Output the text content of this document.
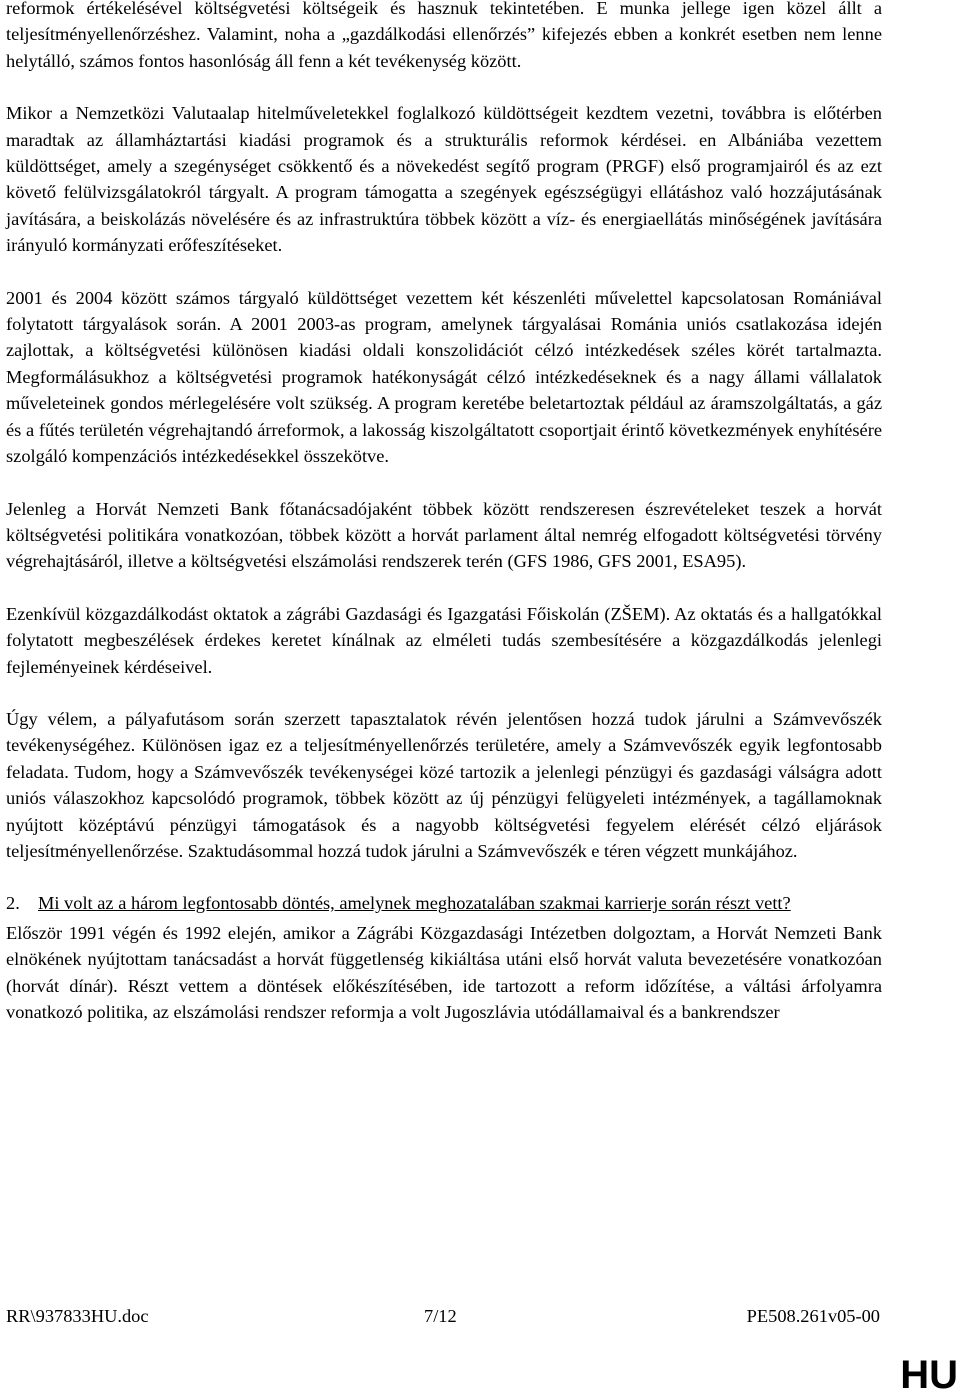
reformok értékelésével költségvetési költségeik és hasznuk tekintetében. E munka jellege igen közel állt a teljesítményellenőrzéshez. Valamint, noha a „gazdálkodási ellenőrzés” kifejezés ebben a konkrét esetben nem lenne helytálló, számos fontos hasonlóság áll fenn a két tevékenység között.

Mikor a Nemzetközi Valutaalap hitelműveletekkel foglalkozó küldöttségeit kezdtem vezetni, továbbra is előtérben maradtak az államháztartási kiadási programok és a strukturális reformok kérdései. en Albániába vezettem küldöttséget, amely a szegénységet csökkentő és a növekedést segítő program (PRGF) első programjairól és az ezt követő felülvizsgálatokról tárgyalt. A program támogatta a szegények egészségügyi ellátáshoz való hozzájutásának javítására, a beiskolázás növelésére és az infrastruktúra többek között a víz- és energiaellátás minőségének javítására irányuló kormányzati erőfeszítéseket.

2001 és 2004 között számos tárgyaló küldöttséget vezettem két készenléti művelettel kapcsolatosan Romániával folytatott tárgyalások során. A 2001 2003-as program, amelynek tárgyalásai Románia uniós csatlakozása idején zajlottak, a költségvetési különösen kiadási oldali konszolidációt célzó intézkedések széles körét tartalmazta. Megformálásukhoz a költségvetési programok hatékonyságát célzó intézkedéseknek és a nagy állami vállalatok műveleteinek gondos mérlegelésére volt szükség. A program keretébe beletartoztak például az áramszolgáltatás, a gáz és a fűtés területén végrehajtandó árreformok, a lakosság kiszolgáltatott csoportjait érintő következmények enyhítésére szolgáló kompenzációs intézkedésekkel összekötve.

Jelenleg a Horvát Nemzeti Bank főtanácsadójaként többek között rendszeresen észrevételeket teszek a horvát költségvetési politikára vonatkozóan, többek között a horvát parlament által nemrég elfogadott költségvetési törvény végrehajtásáról, illetve a költségvetési elszámolási rendszerek terén (GFS 1986, GFS 2001, ESA95).

Ezenkívül közgazdálkodást oktatok a zágrábi Gazdasági és Igazgatási Főiskolán (ZŠEM). Az oktatás és a hallgatókkal folytatott megbeszélések érdekes keretet kínálnak az elméleti tudás szembesítésére a közgazdálkodás jelenlegi fejleményeinek kérdéseivel.

Úgy vélem, a pályafutásom során szerzett tapasztalatok révén jelentősen hozzá tudok járulni a Számvevőszék tevékenységéhez. Különösen igaz ez a teljesítményellenőrzés területére, amely a Számvevőszék egyik legfontosabb feladata. Tudom, hogy a Számvevőszék tevékenységei közé tartozik a jelenlegi pénzügyi és gazdasági válságra adott uniós válaszokhoz kapcsolódó programok, többek között az új pénzügyi felügyeleti intézmények, a tagállamoknak nyújtott középtávú pénzügyi támogatások és a nagyobb költségvetési fegyelem elérését célzó eljárások teljesítményellenőrzése. Szaktudásommal hozzá tudok járulni a Számvevőszék e téren végzett munkájához.

2. Mi volt az a három legfontosabb döntés, amelynek meghozatalában szakmai karrierje során részt vett?

Először 1991 végén és 1992 elején, amikor a Zágrábi Közgazdasági Intézetben dolgoztam, a Horvát Nemzeti Bank elnökének nyújtottam tanácsadást a horvát függetlenség kikiáltása utáni első horvát valuta bevezetésére vonatkozóan (horvát dínár). Részt vettem a döntések előkészítésében, ide tartozott a reform időzítése, a váltási árfolyamra vonatkozó politika, az elszámolási rendszer reformja a volt Jugoszlávia utódállamaival és a bankrendszer

RR\937833HU.doc	7/12	PE508.261v05-00
HU
